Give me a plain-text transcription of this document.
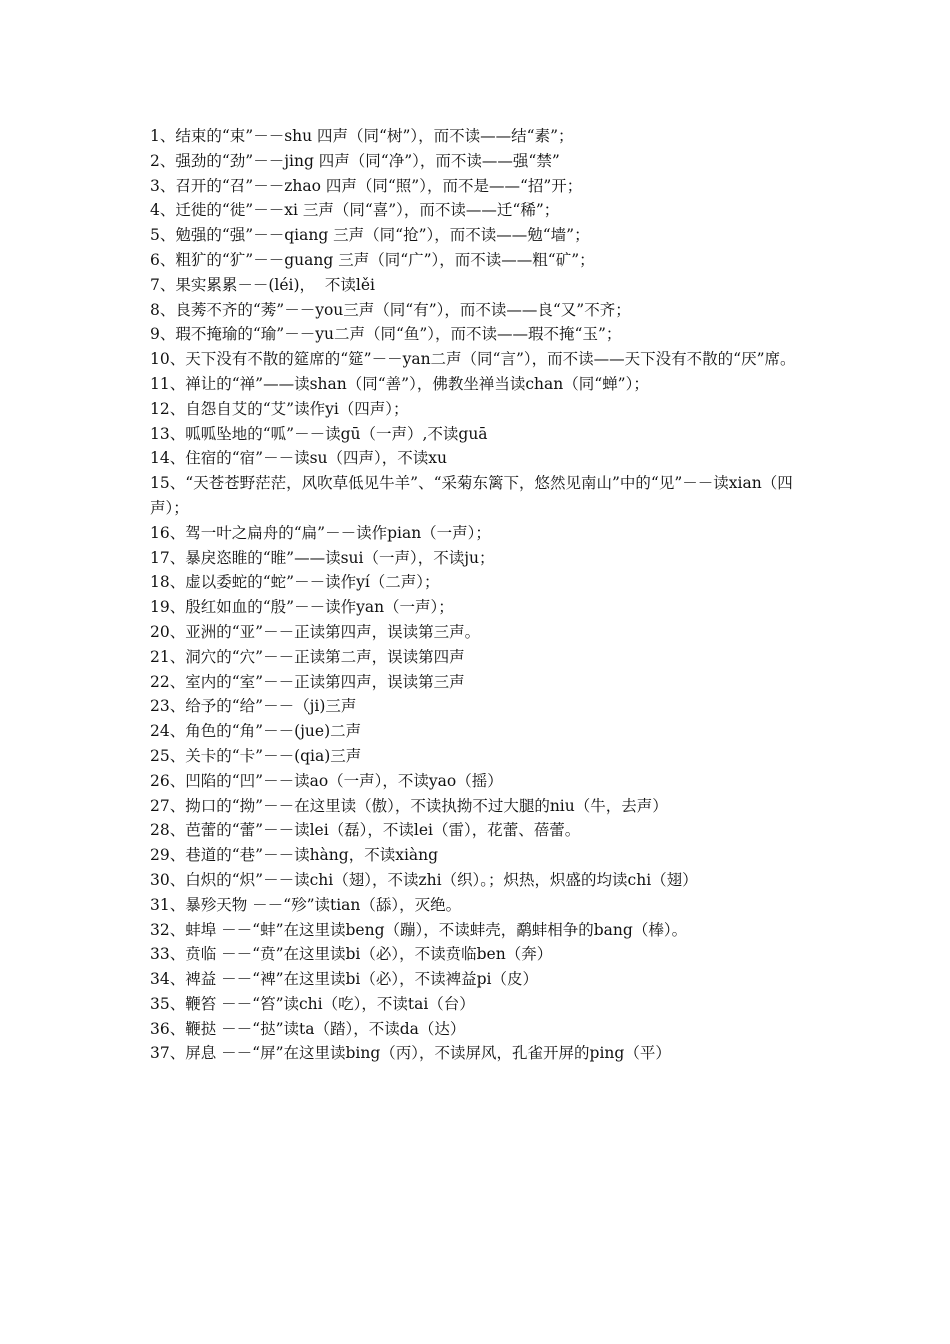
1、结束的“束”－－shu 四声（同“树”），而不读——结“素”；

2、强劲的“劲”－－jing 四声（同“净”），而不读——强“禁”

3、召开的“召”－－zhao 四声（同“照”），而不是——“招”开；

4、迁徙的“徙”－－xi 三声（同“喜”），而不读——迁“稀”；

5、勉强的“强”－－qiang 三声（同“抢”），而不读——勉“墙”；

6、粗犷的“犷”－－guang 三声（同“广”），而不读——粗“矿”；

7、果实累累－－(léi)，  不读lěi

8、良莠不齐的“莠”－－you三声（同“有”），而不读——良“又”不齐；

9、瑕不掩瑜的“瑜”－－yu二声（同“鱼”），而不读——瑕不掩“玉”；

10、天下没有不散的筵席的“筵”－－yan二声（同“言”），而不读——天下没有不散的“厌”席。

11、禅让的“禅”——读shan（同“善”），佛教坐禅当读chan（同“蝉”）；

12、自怨自艾的“艾”读作yi（四声）；

13、呱呱坠地的“呱”－－读gū（一声）,不读guā

14、住宿的“宿”－－读su（四声），不读xu

15、“天苍苍野茫茫，风吹草低见牛羊”、“采菊东篱下，悠然见南山”中的“见”－－读xian（四声）；

16、驾一叶之扁舟的“扁”－－读作pian（一声）；

17、暴戾恣睢的“睢”——读sui（一声），不读ju；

18、虚以委蛇的“蛇”－－读作yí（二声）；

19、殷红如血的“殷”－－读作yan（一声）；

20、亚洲的“亚”－－正读第四声，误读第三声。

21、洞穴的“穴”－－正读第二声，误读第四声

22、室内的“室”－－正读第四声，误读第三声

23、给予的“给”－－（ji)三声

24、角色的“角”－－(jue)二声

25、关卡的“卡”－－(qia)三声

26、凹陷的“凹”－－读ao（一声），不读yao（摇）

27、拗口的“拗”－－在这里读（傲），不读执拗不过大腿的niu（牛，去声）

28、芭蕾的“蕾”－－读lei（磊），不读lei（雷），花蕾、蓓蕾。

29、巷道的“巷”－－读hàng，不读xiàng

30、白炽的“炽”－－读chi（翅），不读zhi（织）。；炽热，炽盛的均读chi（翅）

31、暴殄天物 －－“殄”读tian（舔），灭绝。

32、蚌埠 －－“蚌”在这里读beng（蹦），不读蚌壳，鹬蚌相争的bang（棒）。

33、贲临 －－“贲”在这里读bi（必），不读贲临ben（奔）

34、裨益 －－“裨”在这里读bi（必），不读裨益pi（皮）

35、鞭笞 －－“笞”读chi（吃），不读tai（台）

36、鞭挞 －－“挞”读ta（踏），不读da（达）

37、屏息 －－“屏”在这里读bing（丙），不读屏风，孔雀开屏的ping（平）
